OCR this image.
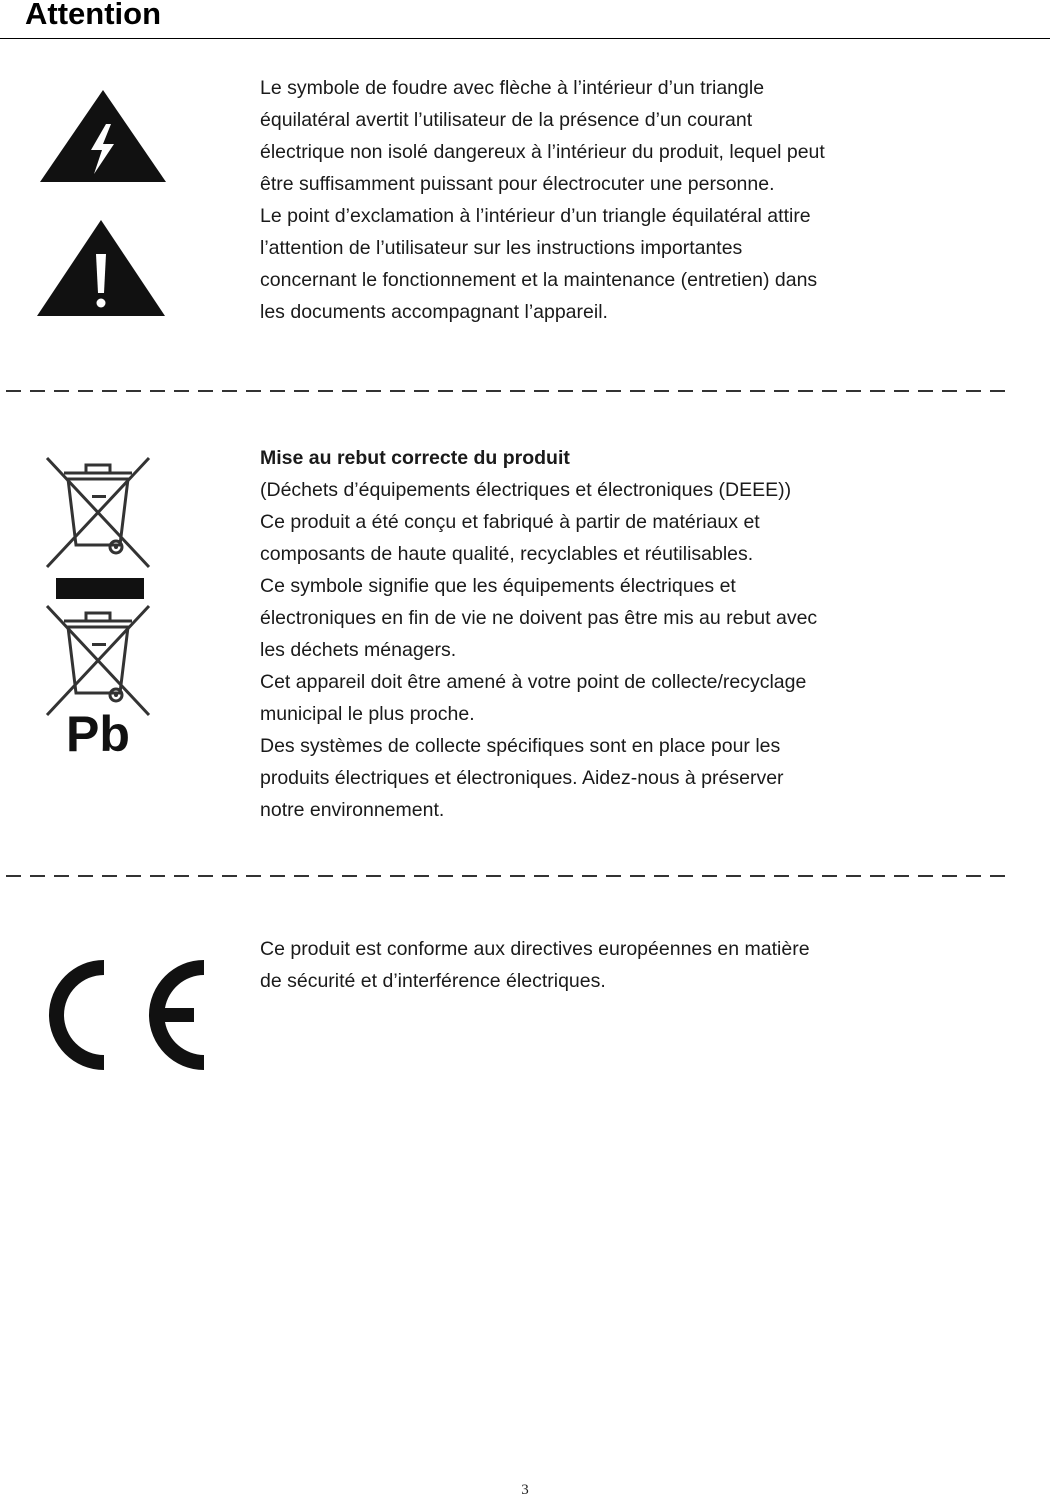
Attention

Le symbole de foudre avec flèche à l’intérieur d’un triangle

équilatéral avertit l’utilisateur de la présence d’un courant

électrique non isolé dangereux à l’intérieur du produit, lequel peut

être suffisamment puissant pour électrocuter une personne.

Le point d’exclamation à l’intérieur d’un triangle équilatéral attire

l’attention de l’utilisateur sur les instructions importantes

concernant le fonctionnement et la maintenance (entretien) dans

les documents accompagnant l’appareil.

Pb

Mise au rebut correcte du produit

(Déchets d’équipements électriques et électroniques (DEEE))

Ce produit a été conçu et fabriqué à partir de matériaux et

composants de haute qualité, recyclables et réutilisables.

Ce symbole signifie que les équipements électriques et

électroniques en fin de vie ne doivent pas être mis au rebut avec

les déchets ménagers.

Cet appareil doit être amené à votre point de collecte/recyclage

municipal le plus proche.

Des systèmes de collecte spécifiques sont en place pour les

produits électriques et électroniques. Aidez-nous à préserver

notre environnement.

Ce produit est conforme aux directives européennes en matière

de sécurité et d’interférence électriques.

3
